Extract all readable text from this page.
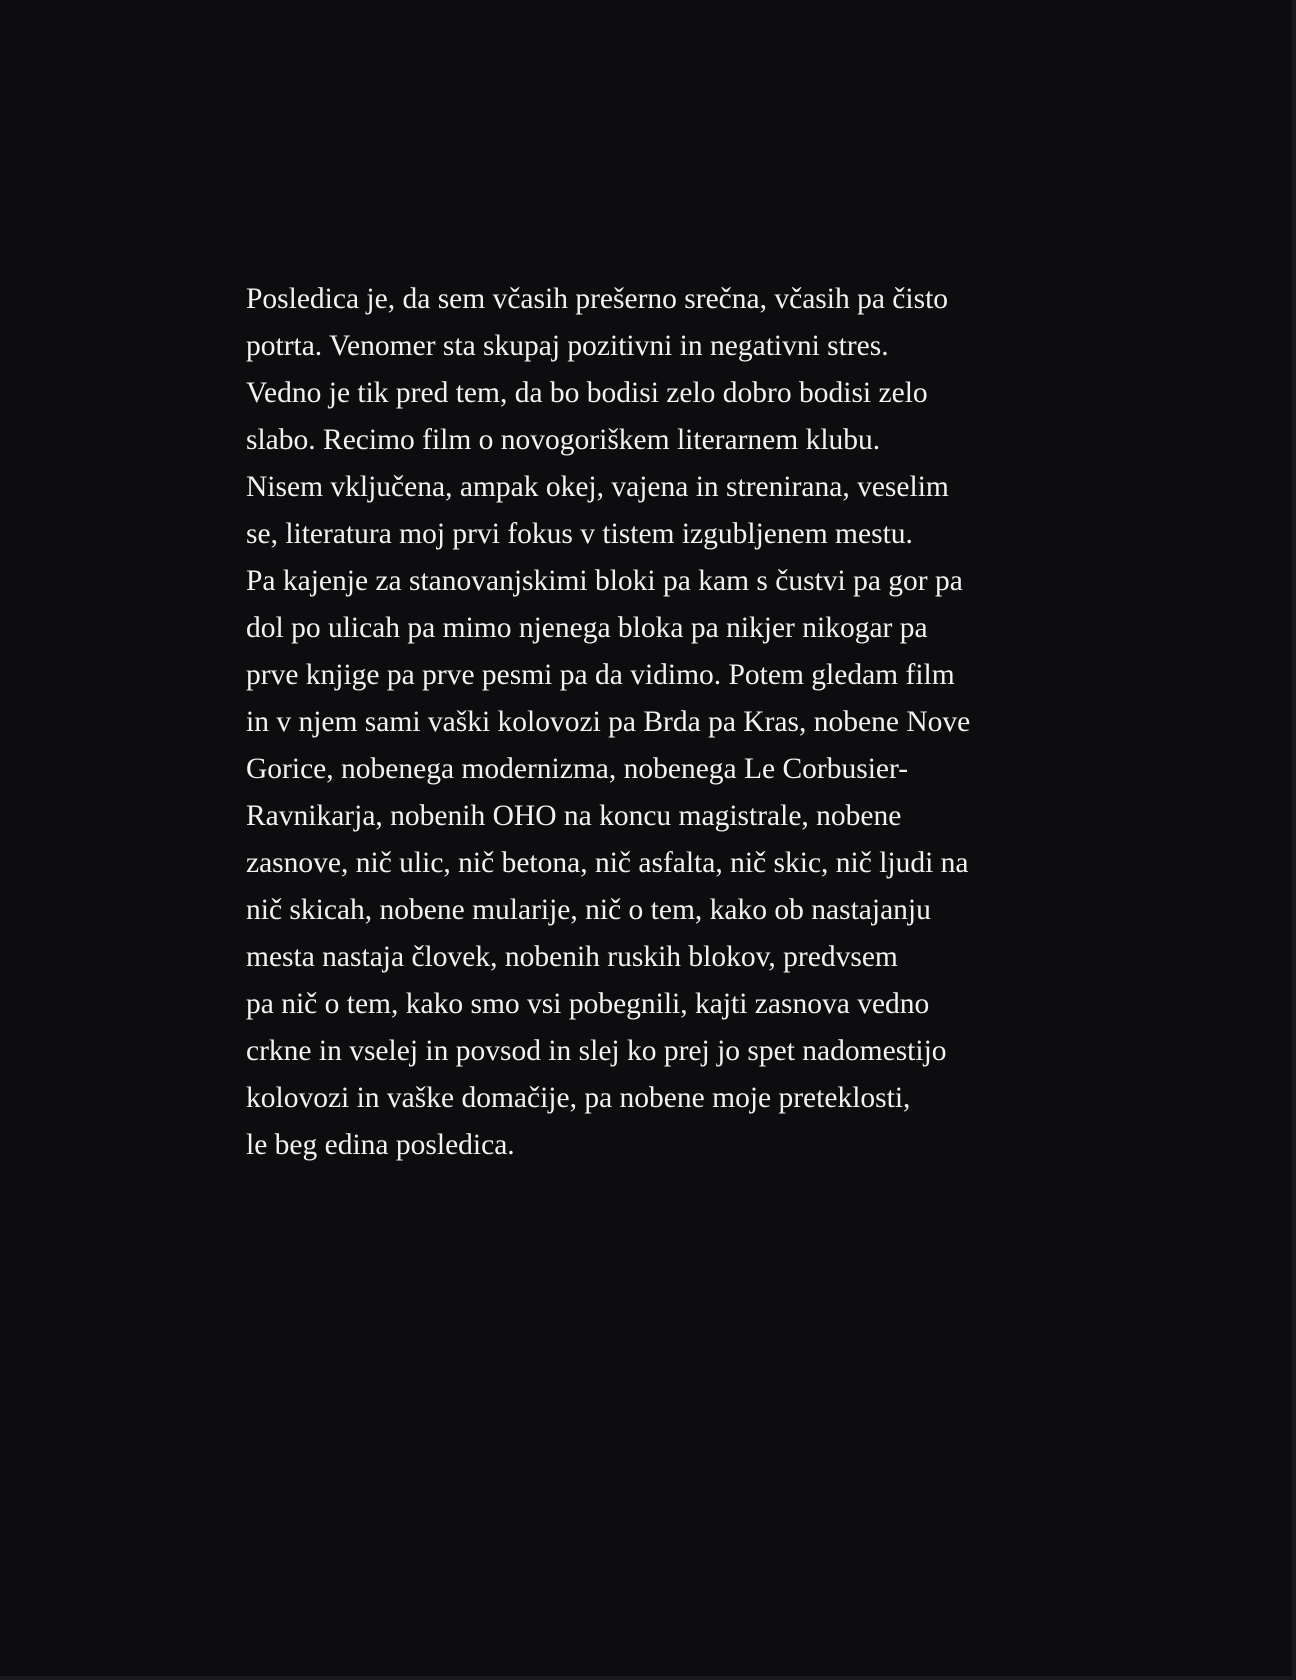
Posledica je, da sem včasih prešerno srečna, včasih pa čisto
potrta. Venomer sta skupaj pozitivni in negativni stres.
Vedno je tik pred tem, da bo bodisi zelo dobro bodisi zelo
slabo. Recimo film o novogoriškem literarnem klubu.
Nisem vključena, ampak okej, vajena in strenirana, veselim
se, literatura moj prvi fokus v tistem izgubljenem mestu.
Pa kajenje za stanovanjskimi bloki pa kam s čustvi pa gor pa
dol po ulicah pa mimo njenega bloka pa nikjer nikogar pa
prve knjige pa prve pesmi pa da vidimo. Potem gledam film
in v njem sami vaški kolovozi pa Brda pa Kras, nobene Nove
Gorice, nobenega modernizma, nobenega Le Corbusier-
Ravnikarja, nobenih OHO na koncu magistrale, nobene
zasnove, nič ulic, nič betona, nič asfalta, nič skic, nič ljudi na
nič skicah, nobene mularije, nič o tem, kako ob nastajanju
mesta nastaja človek, nobenih ruskih blokov, predvsem
pa nič o tem, kako smo vsi pobegnili, kajti zasnova vedno
crkne in vselej in povsod in slej ko prej jo spet nadomestijo
kolovozi in vaške domačije, pa nobene moje preteklosti,
le beg edina posledica.
